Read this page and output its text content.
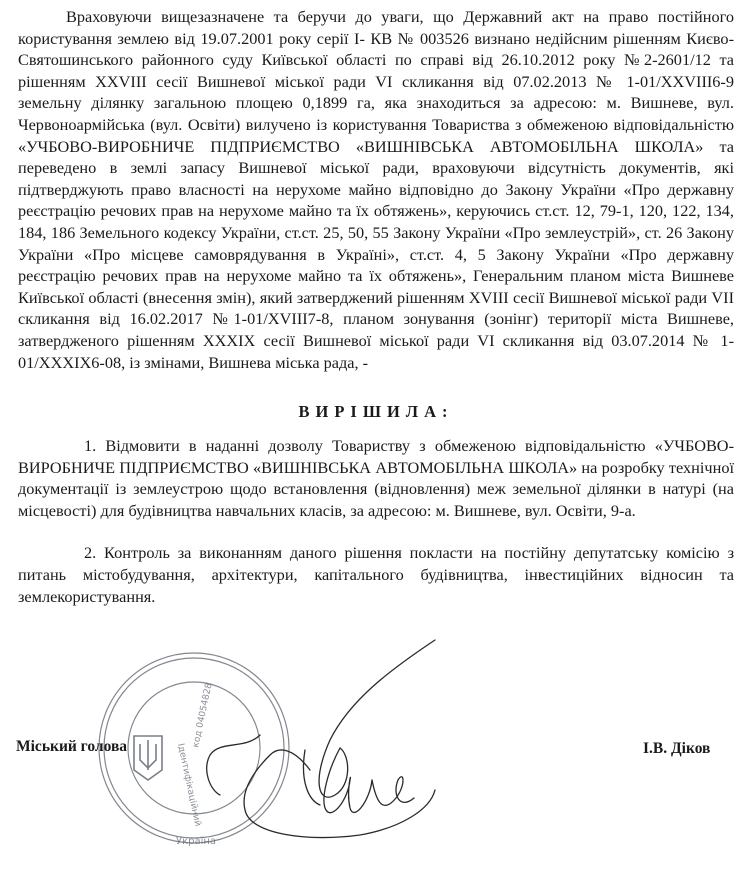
Враховуючи вищезазначене та беручи до уваги, що Державний акт на право постійного користування землею від 19.07.2001 року серії І- КВ № 003526 визнано недійсним рішенням Києво-Святошинського районного суду Київської області по справі від 26.10.2012 року №2-2601/12 та рішенням XXVIII сесії Вишневої міської ради VI скликання від 07.02.2013 № 1-01/XXVIII6-9 земельну ділянку загальною площею 0,1899 га, яка знаходиться за адресою: м. Вишневе, вул. Червоноармійська (вул. Освіти) вилучено із користування Товариства з обмеженою відповідальністю «УЧБОВО-ВИРОБНИЧЕ ПІДПРИЄМСТВО «ВИШНІВСЬКА АВТОМОБІЛЬНА ШКОЛА» та переведено в землі запасу Вишневої міської ради, враховуючи відсутність документів, які підтверджують право власності на нерухоме майно відповідно до Закону України «Про державну реєстрацію речових прав на нерухоме майно та їх обтяжень», керуючись ст.ст. 12, 79-1, 120, 122, 134, 184, 186 Земельного кодексу України, ст.ст. 25, 50, 55 Закону України «Про землеустрій», ст. 26 Закону України «Про місцеве самоврядування в Україні», ст.ст. 4, 5 Закону України «Про державну реєстрацію речових прав на нерухоме майно та їх обтяжень», Генеральним планом міста Вишневе Київської області (внесення змін), який затверджений рішенням XVIII сесії Вишневої міської ради VII скликання від 16.02.2017 №1-01/XVIII7-8, планом зонування (зонінг) території міста Вишневе, затвердженого рішенням XXXIX сесії Вишневої міської ради VI скликання від 03.07.2014 № 1-01/XXXIX6-08, із змінами, Вишнева міська рада, -

ВИРІШИЛА:

1. Відмовити в наданні дозволу Товариству з обмеженою відповідальністю «УЧБОВО-ВИРОБНИЧЕ ПІДПРИЄМСТВО «ВИШНІВСЬКА АВТОМОБІЛЬНА ШКОЛА» на розробку технічної документації із землеустрою щодо встановлення (відновлення) меж земельної ділянки в натурі (на місцевості) для будівництва навчальних класів, за адресою: м. Вишневе, вул. Освіти, 9-а.

2. Контроль за виконанням даного рішення покласти на постійну депутатську комісію з питань містобудування, архітектури, капітального будівництва, інвестиційних відносин та землекористування.

Міський голова	І.В. Діков
Ідентифікаційний
код 04054828
Україна
